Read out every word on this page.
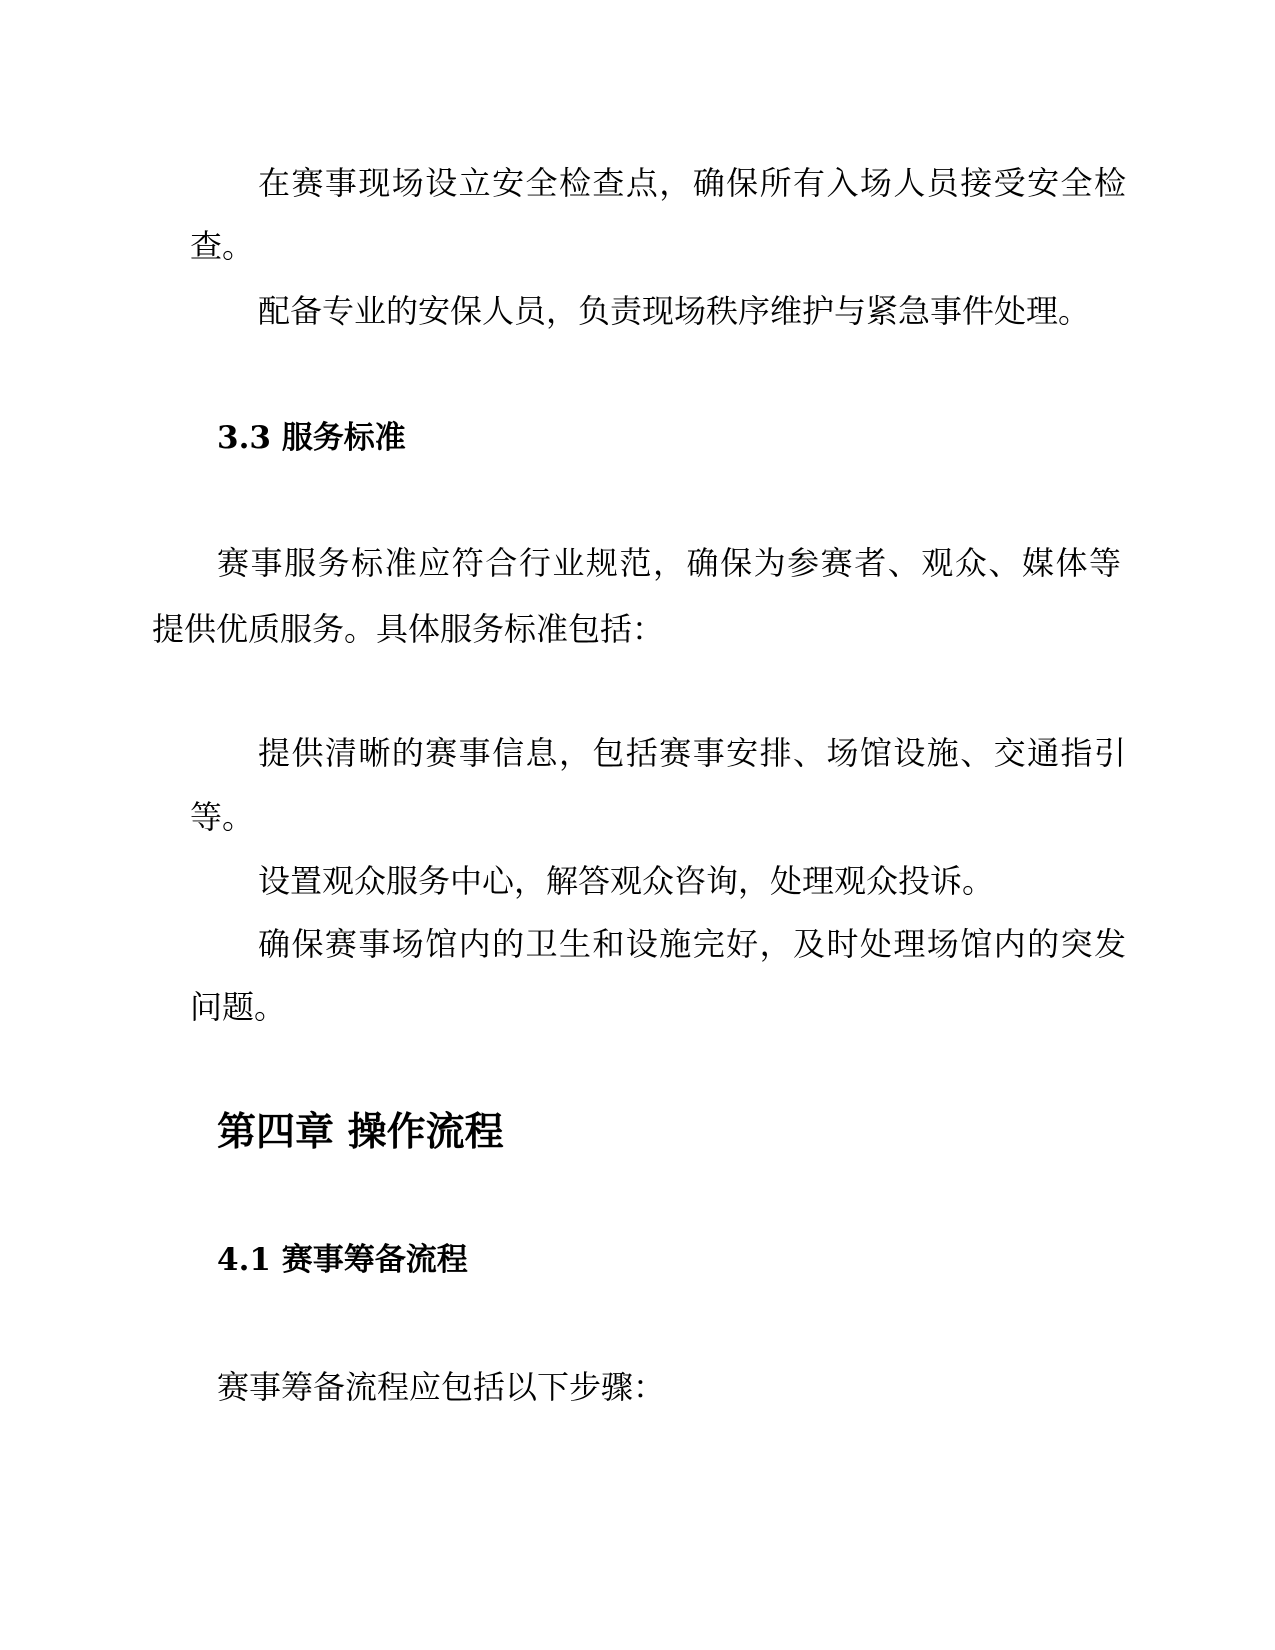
在赛事现场设立安全检查点，确保所有入场人员接受安全检

查。

配备专业的安保人员，负责现场秩序维护与紧急事件处理。

3.3 服务标准

赛事服务标准应符合行业规范，确保为参赛者、观众、媒体等

提供优质服务。具体服务标准包括：

提供清晰的赛事信息，包括赛事安排、场馆设施、交通指引

等。

设置观众服务中心，解答观众咨询，处理观众投诉。

确保赛事场馆内的卫生和设施完好，及时处理场馆内的突发

问题。

第四章 操作流程
4.1 赛事筹备流程

赛事筹备流程应包括以下步骤：
